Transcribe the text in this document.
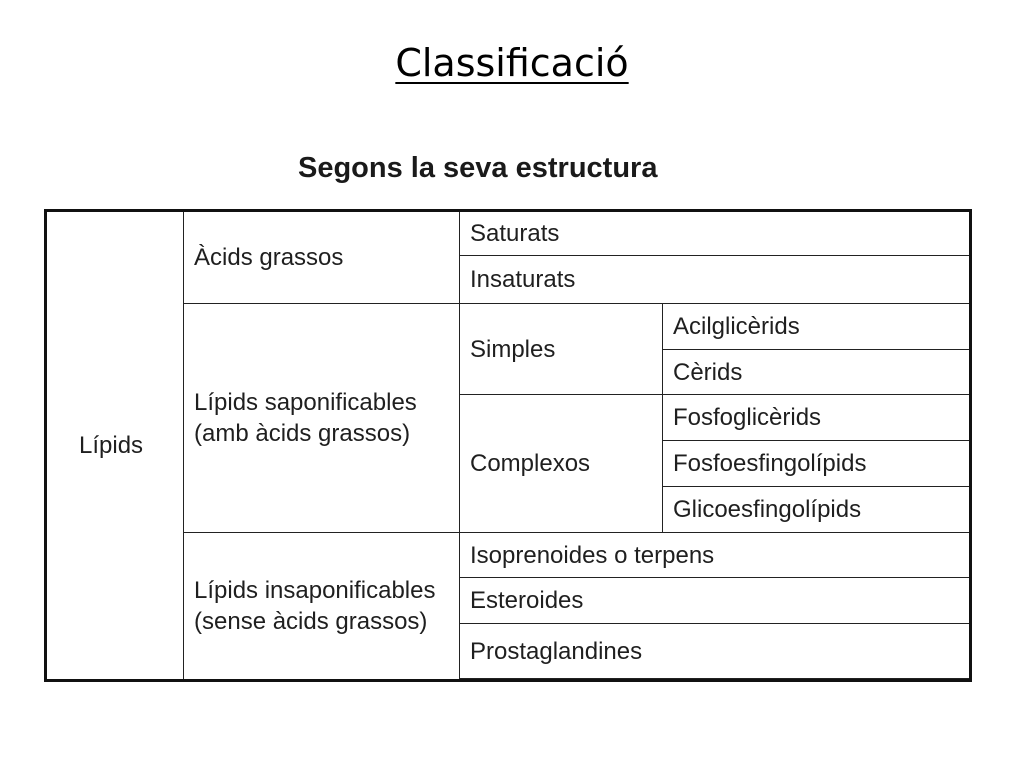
Classificació
Segons la seva estructura
Lípids	Àcids grassos	Saturats	
		Insaturats	
	Lípids saponificables (amb àcids grassos)	Simples	Acilglicèrids
			Cèrids
		Complexos	Fosfoglicèrids
			Fosfoesfingolípids
			Glicoesfingolípids
	Lípids insaponificables (sense àcids grassos)	Isoprenoides o terpens	
		Esteroides	
		Prostaglandines	
